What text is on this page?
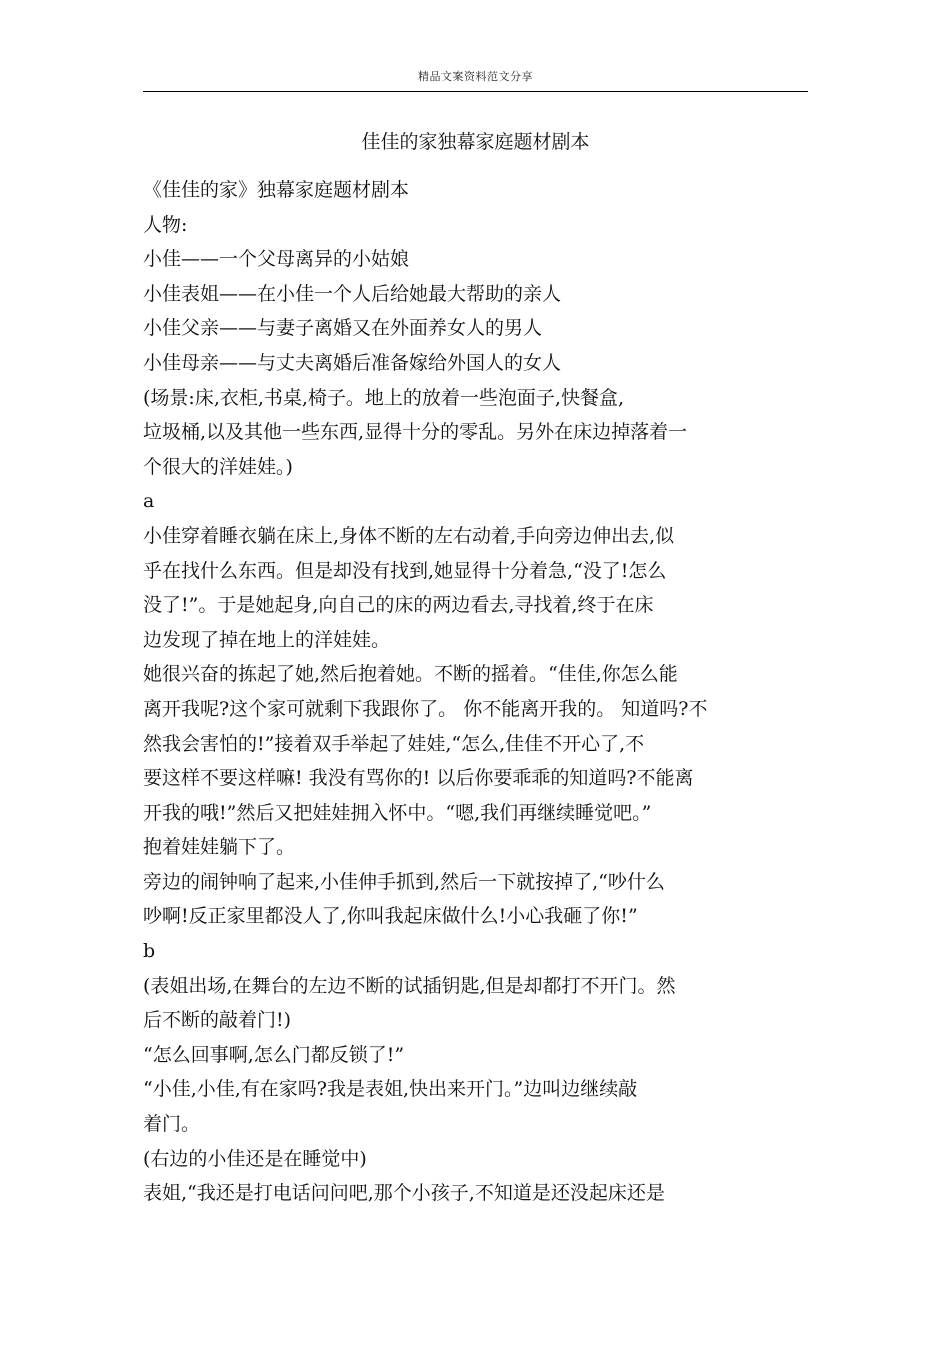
精品文案资料范文分享
佳佳的家独幕家庭题材剧本
《佳佳的家》独幕家庭题材剧本
人物:
小佳——一个父母离异的小姑娘
小佳表姐——在小佳一个人后给她最大帮助的亲人
小佳父亲——与妻子离婚又在外面养女人的男人
小佳母亲——与丈夫离婚后准备嫁给外国人的女人
(场景:床,衣柜,书桌,椅子。地上的放着一些泡面子,快餐盒,
垃圾桶,以及其他一些东西,显得十分的零乱。另外在床边掉落着一
个很大的洋娃娃。)
a
小佳穿着睡衣躺在床上,身体不断的左右动着,手向旁边伸出去,似
乎在找什么东西。但是却没有找到,她显得十分着急,“没了!怎么
没了!”。于是她起身,向自己的床的两边看去,寻找着,终于在床
边发现了掉在地上的洋娃娃。
她很兴奋的拣起了她,然后抱着她。不断的摇着。“佳佳,你怎么能
离开我呢?这个家可就剩下我跟你了。 你不能离开我的。 知道吗?不
然我会害怕的!”接着双手举起了娃娃,“怎么,佳佳不开心了,不
要这样不要这样嘛! 我没有骂你的! 以后你要乖乖的知道吗?不能离
开我的哦!”然后又把娃娃拥入怀中。“嗯,我们再继续睡觉吧。”
抱着娃娃躺下了。
旁边的闹钟响了起来,小佳伸手抓到,然后一下就按掉了,“吵什么
吵啊!反正家里都没人了,你叫我起床做什么!小心我砸了你!”
b
(表姐出场,在舞台的左边不断的试插钥匙,但是却都打不开门。然
后不断的敲着门!)
“怎么回事啊,怎么门都反锁了!”
“小佳,小佳,有在家吗?我是表姐,快出来开门。”边叫边继续敲
着门。
(右边的小佳还是在睡觉中)
表姐,“我还是打电话问问吧,那个小孩子,不知道是还没起床还是
